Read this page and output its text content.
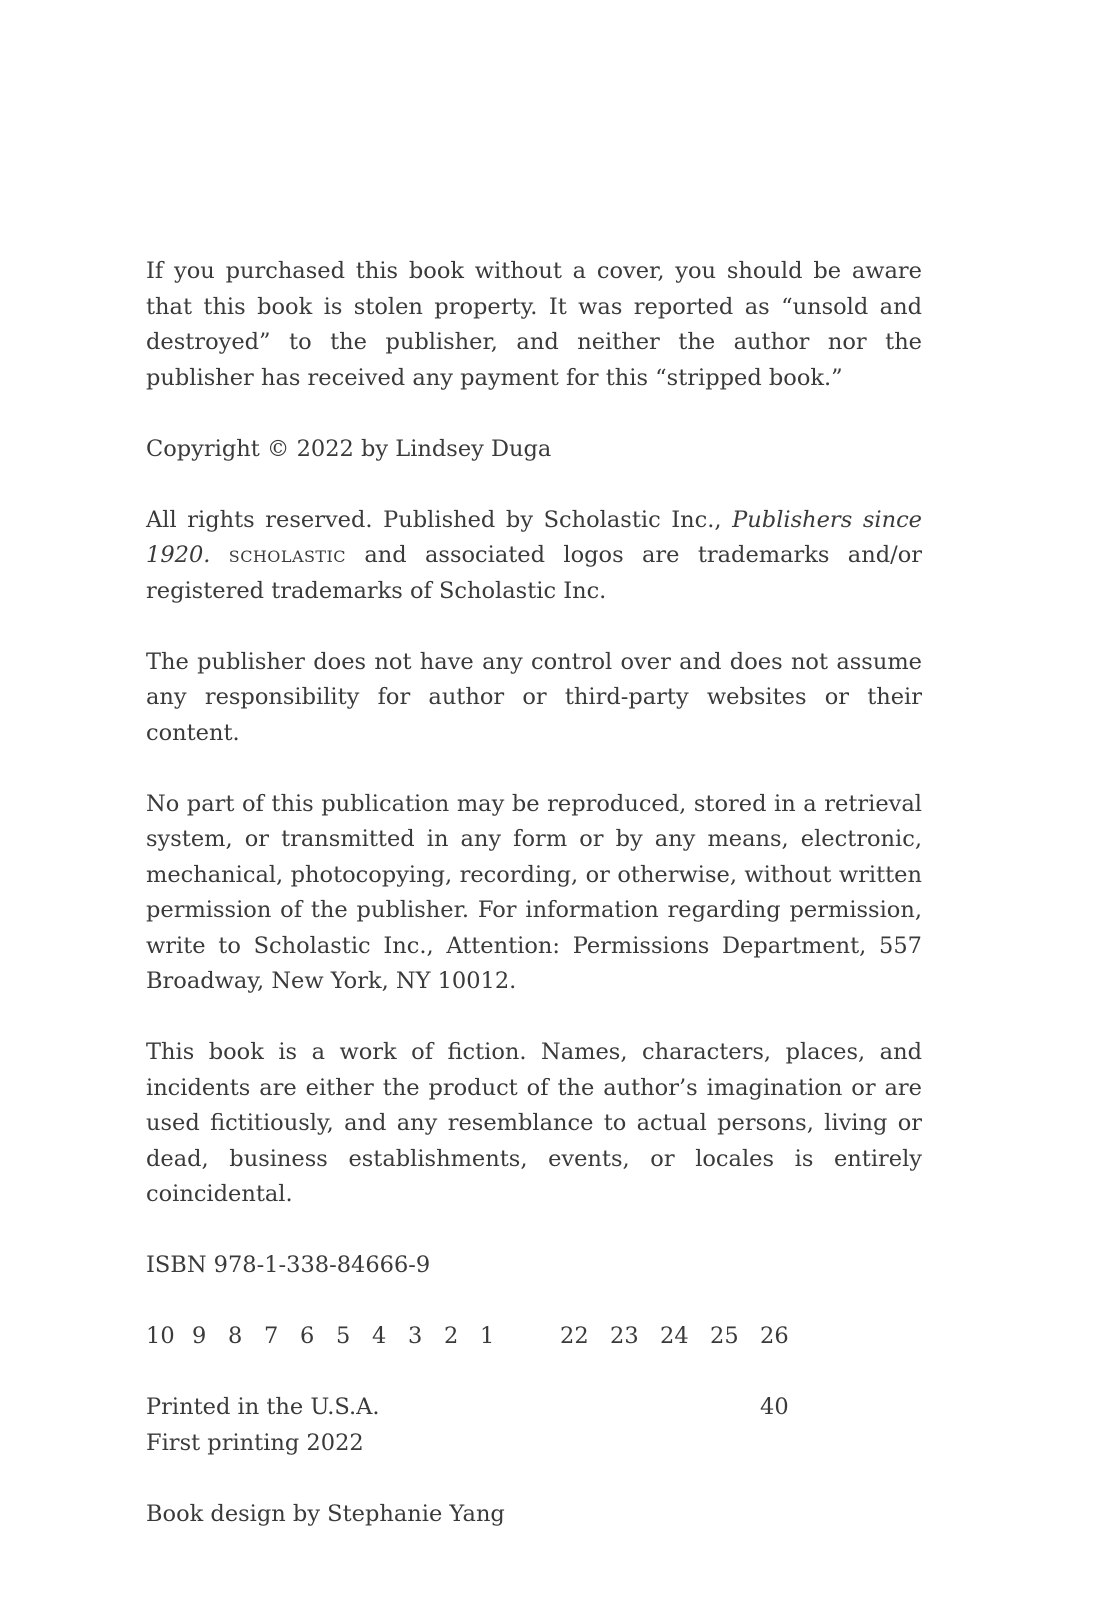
If you purchased this book without a cover, you should be aware that this book is stolen property. It was reported as “unsold and destroyed” to the publisher, and neither the author nor the publisher has received any payment for this “stripped book.”

Copyright © 2022 by Lindsey Duga

All rights reserved. Published by Scholastic Inc., Publishers since 1920. scholastic and associated logos are trademarks and/or registered trademarks of Scholastic Inc.

The publisher does not have any control over and does not assume any responsibility for author or third-party websites or their content.

No part of this publication may be reproduced, stored in a retrieval system, or transmitted in any form or by any means, electronic, mechanical, photocopying, recording, or otherwise, without written permission of the publisher. For information regarding permission, write to Scholastic Inc., Attention: Permissions Department, 557 Broadway, New York, NY 10012.

This book is a work of fiction. Names, characters, places, and incidents are either the product of the author’s imagination or are used fictitiously, and any resemblance to actual persons, living or dead, business establishments, events, or locales is entirely coincidental.

ISBN 978-1-338-84666-9

10 9 8 7 6 5 4 3 2 1	22 23 24 25 26
Printed in the U.S.A.	40
First printing 2022

Book design by Stephanie Yang
